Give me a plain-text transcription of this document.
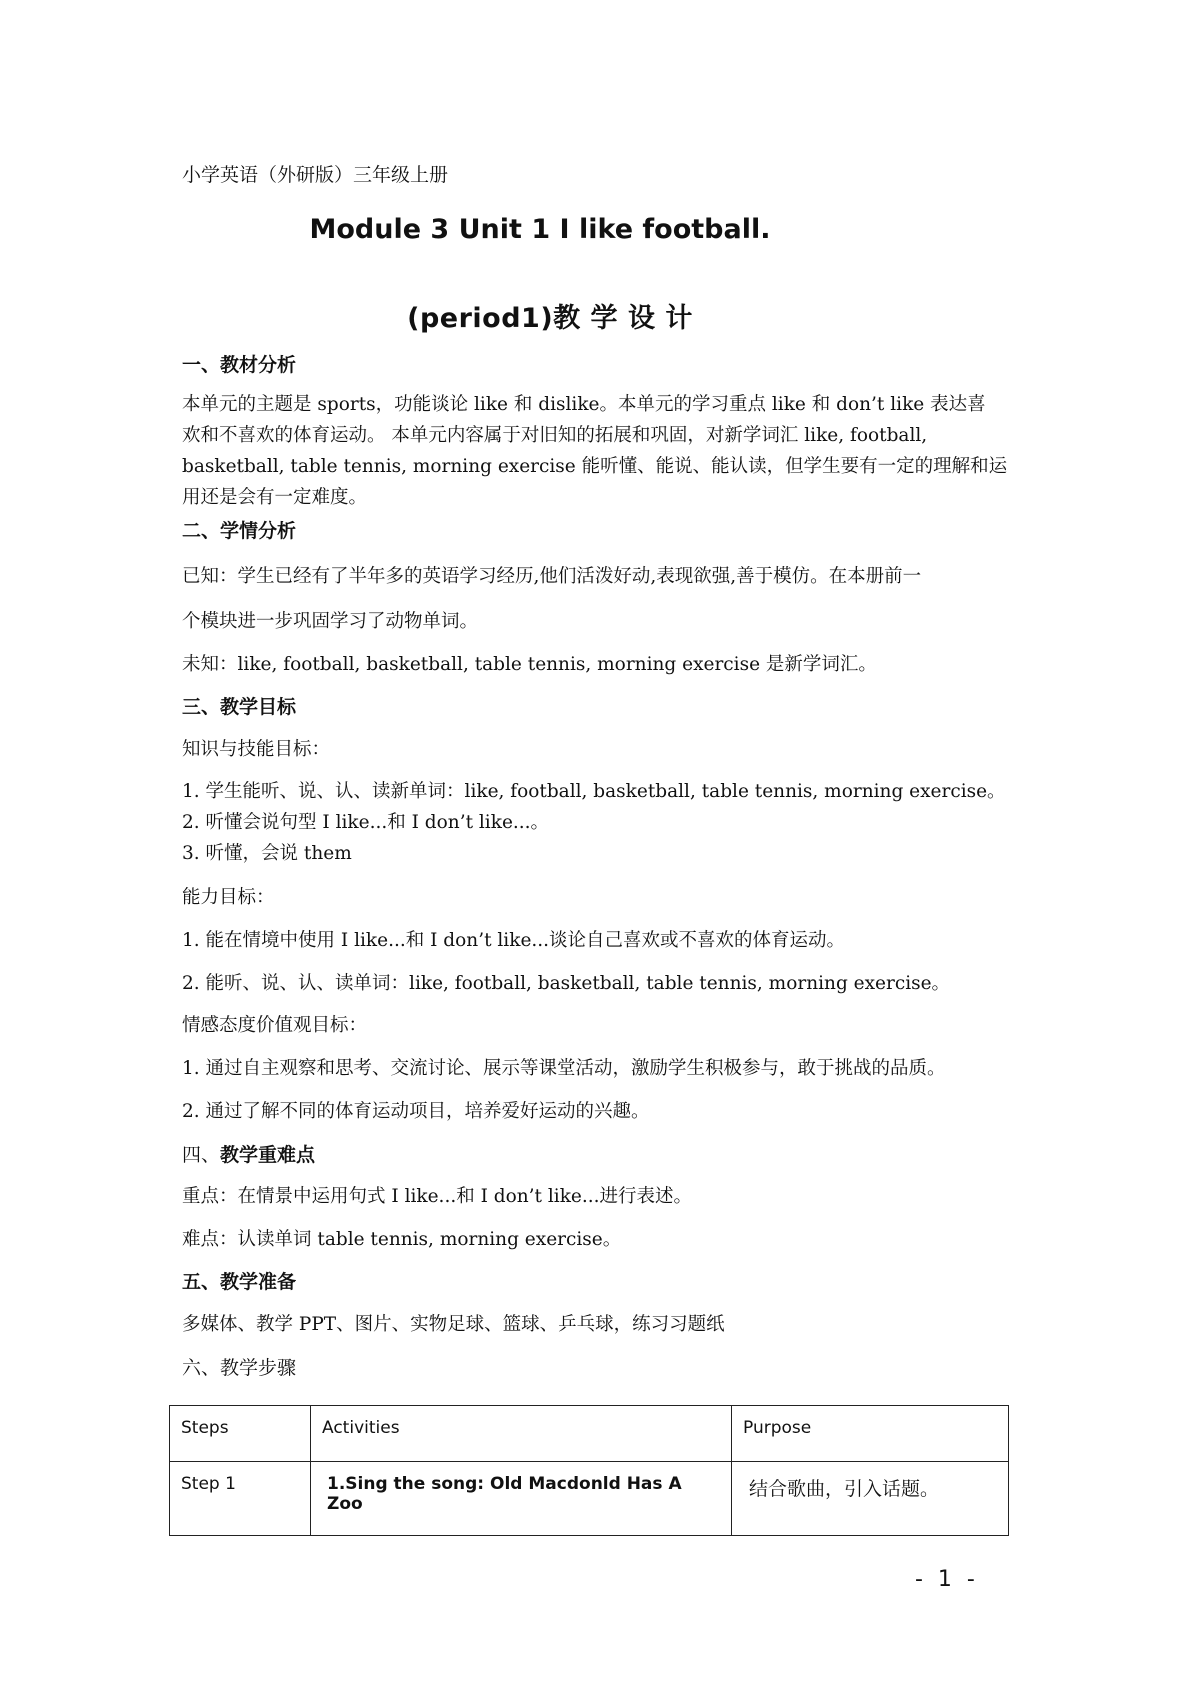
小学英语（外研版）三年级上册
Module 3 Unit 1 I like football.
(period1)教 学 设 计
一、教材分析
本单元的主题是 sports，功能谈论 like 和 dislike。本单元的学习重点 like 和 don’t like 表达喜
欢和不喜欢的体育运动。 本单元内容属于对旧知的拓展和巩固，对新学词汇 like, football,
basketball, table tennis, morning exercise 能听懂、能说、能认读，但学生要有一定的理解和运
用还是会有一定难度。
二、学情分析
已知：学生已经有了半年多的英语学习经历,他们活泼好动,表现欲强,善于模仿。在本册前一
个模块进一步巩固学习了动物单词。
未知：like, football, basketball, table tennis, morning exercise 是新学词汇。
三、教学目标
知识与技能目标：
1. 学生能听、说、认、读新单词：like, football, basketball, table tennis, morning exercise。
2. 听懂会说句型 I like...和 I don’t like...。
3. 听懂，会说 them
能力目标：
1. 能在情境中使用 I like...和 I don’t like...谈论自己喜欢或不喜欢的体育运动。
2. 能听、说、认、读单词：like, football, basketball, table tennis, morning exercise。
情感态度价值观目标：
1. 通过自主观察和思考、交流讨论、展示等课堂活动，激励学生积极参与，敢于挑战的品质。
2. 通过了解不同的体育运动项目，培养爱好运动的兴趣。
四、教学重难点
重点：在情景中运用句式 I like...和 I don’t like...进行表述。
难点：认读单词 table tennis, morning exercise。
五、教学准备
多媒体、教学 PPT、图片、实物足球、篮球、乒乓球，练习习题纸
六、教学步骤
Steps	Activities	Purpose
Step 1	1.Sing the song: Old Macdonld Has A Zoo	结合歌曲，引入话题。
- 1 -
